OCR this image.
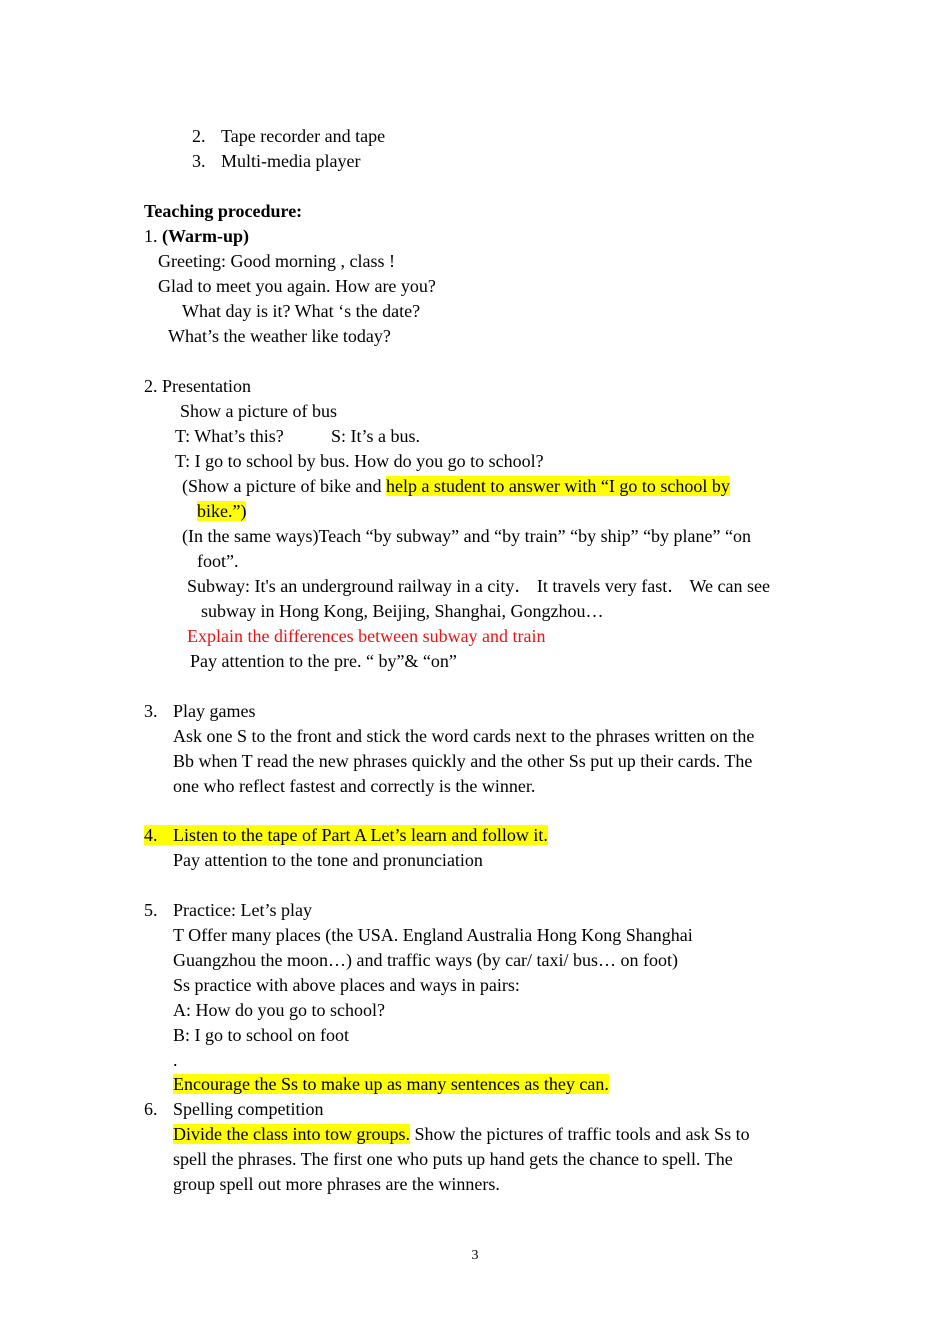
2. Tape recorder and tape
3. Multi-media player
Teaching procedure:
1. (Warm-up)
Greeting: Good morning , class !
Glad to meet you again. How are you?
What day is it? What ‘s the date?
What’s the weather like today?
2. Presentation
Show a picture of bus
T: What’s this?	S: It’s a bus.
T: I go to school by bus. How do you go to school?
(Show a picture of bike and help a student to answer with “I go to school by
bike.”)
(In the same ways)Teach “by subway” and “by train” “by ship” “by plane” “on
foot”.
Subway: It's an underground railway in a city． It travels very fast． We can see
subway in Hong Kong, Beijing, Shanghai, Gongzhou…
Explain the differences between subway and train
Pay attention to the pre. “ by”& “on”
3. Play games
Ask one S to the front and stick the word cards next to the phrases written on the
Bb when T read the new phrases quickly and the other Ss put up their cards. The
one who reflect fastest and correctly is the winner.
4. Listen to the tape of Part A Let’s learn and follow it.
Pay attention to the tone and pronunciation
5. Practice: Let’s play
T Offer many places (the USA. England Australia Hong Kong Shanghai
Guangzhou the moon…) and traffic ways (by car/ taxi/ bus… on foot)
Ss practice with above places and ways in pairs:
A: How do you go to school?
B: I go to school on foot
.
Encourage the Ss to make up as many sentences as they can.
6. Spelling competition
Divide the class into tow groups. Show the pictures of traffic tools and ask Ss to
spell the phrases. The first one who puts up hand gets the chance to spell. The
group spell out more phrases are the winners.
3
